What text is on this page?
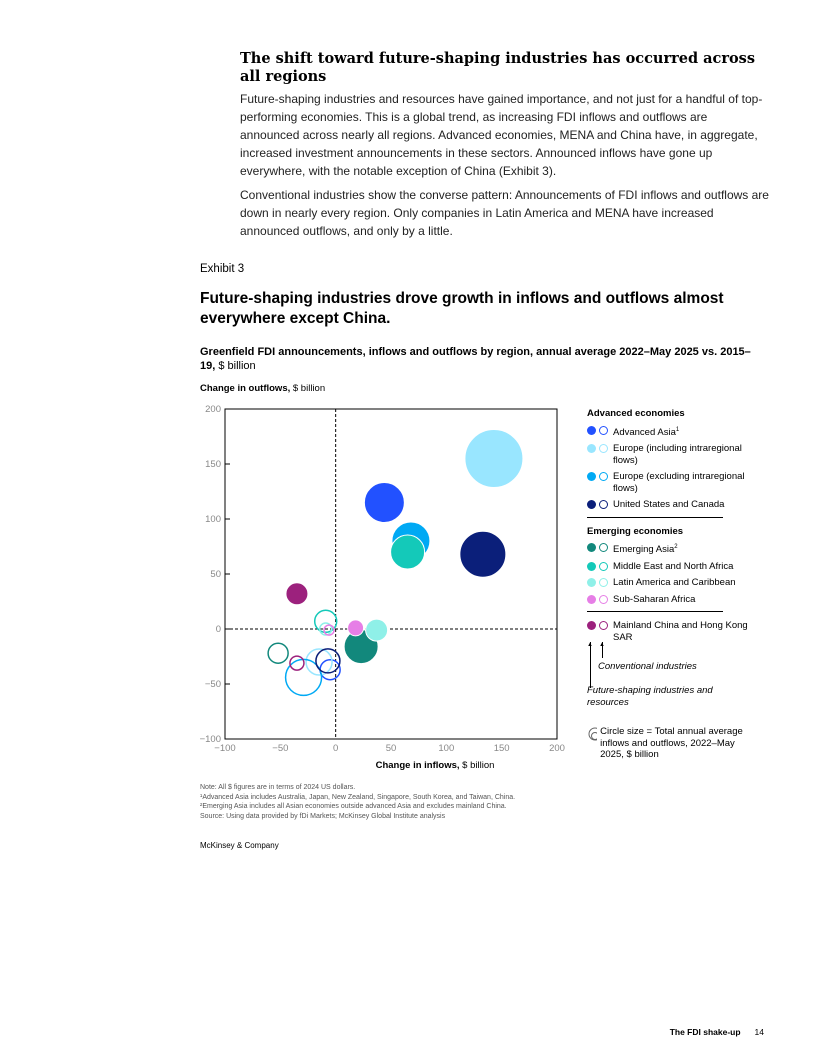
The shift toward future-shaping industries has occurred across all regions
Future-shaping industries and resources have gained importance, and not just for a handful of top-performing economies. This is a global trend, as increasing FDI inflows and outflows are announced across nearly all regions. Advanced economies, MENA and China have, in aggregate, increased investment announcements in these sectors. Announced inflows have gone up everywhere, with the notable exception of China (Exhibit 3).
Conventional industries show the converse pattern: Announcements of FDI inflows and outflows are down in nearly every region. Only companies in Latin America and MENA have increased announced outflows, and only by a little.
Exhibit 3
Future-shaping industries drove growth in inflows and outflows almost everywhere except China.
Greenfield FDI announcements, inflows and outflows by region, annual average 2022–May 2025 vs. 2015–19, $ billion
Change in outflows, $ billion
−100	−50	0	50	100	150	200
200
150
100
50
0
−50
−100
Change in inflows, $ billion
Advanced economies
Advanced Asia$^1$
Europe (including intraregional flows)
Europe (excluding intraregional flows)
United States and Canada
Emerging economies
Emerging Asia$^2$
Middle East and North Africa
Latin America and Caribbean
Sub-Saharan Africa
Mainland China and Hong Kong SAR
▲ ▲
Conventional industries
Future-shaping industries and resources
Circle size = Total annual average inflows and outflows, 2022–May 2025, $ billion
Note: All $ figures are in terms of 2024 US dollars.
¹Advanced Asia includes Australia, Japan, New Zealand, Singapore, South Korea, and Taiwan, China.
²Emerging Asia includes all Asian economies outside advanced Asia and excludes mainland China.
Source: Using data provided by fDi Markets; McKinsey Global Institute analysis
McKinsey & Company
The FDI shake-up 14
